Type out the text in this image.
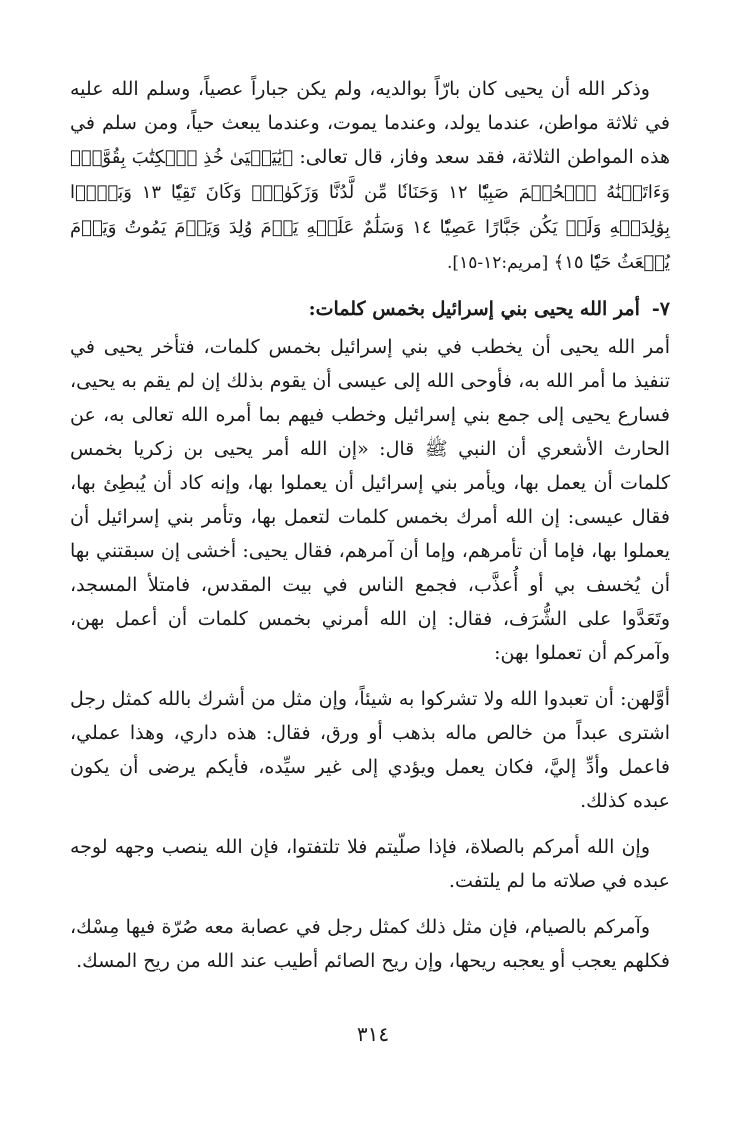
وذكر الله أن يحيى كان بارّاً بوالديه، ولم يكن جباراً عصياً، وسلم الله عليه في ثلاثة مواطن، عندما يولد، وعندما يموت، وعندما يبعث حياً، ومن سلم في هذه المواطن الثلاثة، فقد سعد وفاز، قال تعالى: ﴿يَٰيَحۡيَىٰ خُذِ ٱلۡكِتَٰبَ بِقُوَّةٖۖ وَءَاتَيۡنَٰهُ ٱلۡحُكۡمَ صَبِيّٗا ١٢ وَحَنَانٗا مِّن لَّدُنَّا وَزَكَوٰةٗۖ وَكَانَ تَقِيّٗا ١٣ وَبَرَّۢا بِوَٰلِدَيۡهِ وَلَمۡ يَكُن جَبَّارًا عَصِيّٗا ١٤ وَسَلَٰمٌ عَلَيۡهِ يَوۡمَ وُلِدَ وَيَوۡمَ يَمُوتُ وَيَوۡمَ يُبۡعَثُ حَيّٗا ١٥﴾ [مريم:١٢-١٥].

٧-أمر الله يحيى بني إسرائيل بخمس كلمات:

أمر الله يحيى أن يخطب في بني إسرائيل بخمس كلمات، فتأخر يحيى في تنفيذ ما أمر الله به، فأوحى الله إلى عيسى أن يقوم بذلك إن لم يقم به يحيى، فسارع يحيى إلى جمع بني إسرائيل وخطب فيهم بما أمره الله تعالى به، عن الحارث الأشعري أن النبي ﷺ قال: «إن الله أمر يحيى بن زكريا بخمس كلمات أن يعمل بها، ويأمر بني إسرائيل أن يعملوا بها، وإنه كاد أن يُبطِئ بها، فقال عيسى: إن الله أمرك بخمس كلمات لتعمل بها، وتأمر بني إسرائيل أن يعملوا بها، فإما أن تأمرهم، وإما أن آمرهم، فقال يحيى: أخشى إن سبقتني بها أن يُخسف بي أو أُعذَّب، فجمع الناس في بيت المقدس، فامتلأ المسجد، وتَعَدَّوا على الشُّرَف، فقال: إن الله أمرني بخمس كلمات أن أعمل بهن، وآمركم أن تعملوا بهن:

أوَّلهن: أن تعبدوا الله ولا تشركوا به شيئاً، وإن مثل من أشرك بالله كمثل رجل اشترى عبداً من خالص ماله بذهب أو ورق، فقال: هذه داري، وهذا عملي، فاعمل وأدِّ إليَّ، فكان يعمل ويؤدي إلى غير سيِّده، فأيكم يرضى أن يكون عبده كذلك.

وإن الله أمركم بالصلاة، فإذا صلّيتم فلا تلتفتوا، فإن الله ينصب وجهه لوجه عبده في صلاته ما لم يلتفت.

وآمركم بالصيام، فإن مثل ذلك كمثل رجل في عصابة معه صُرّة فيها مِسْك، فكلهم يعجب أو يعجبه ريحها، وإن ريح الصائم أطيب عند الله من ريح المسك.

٣١٤
